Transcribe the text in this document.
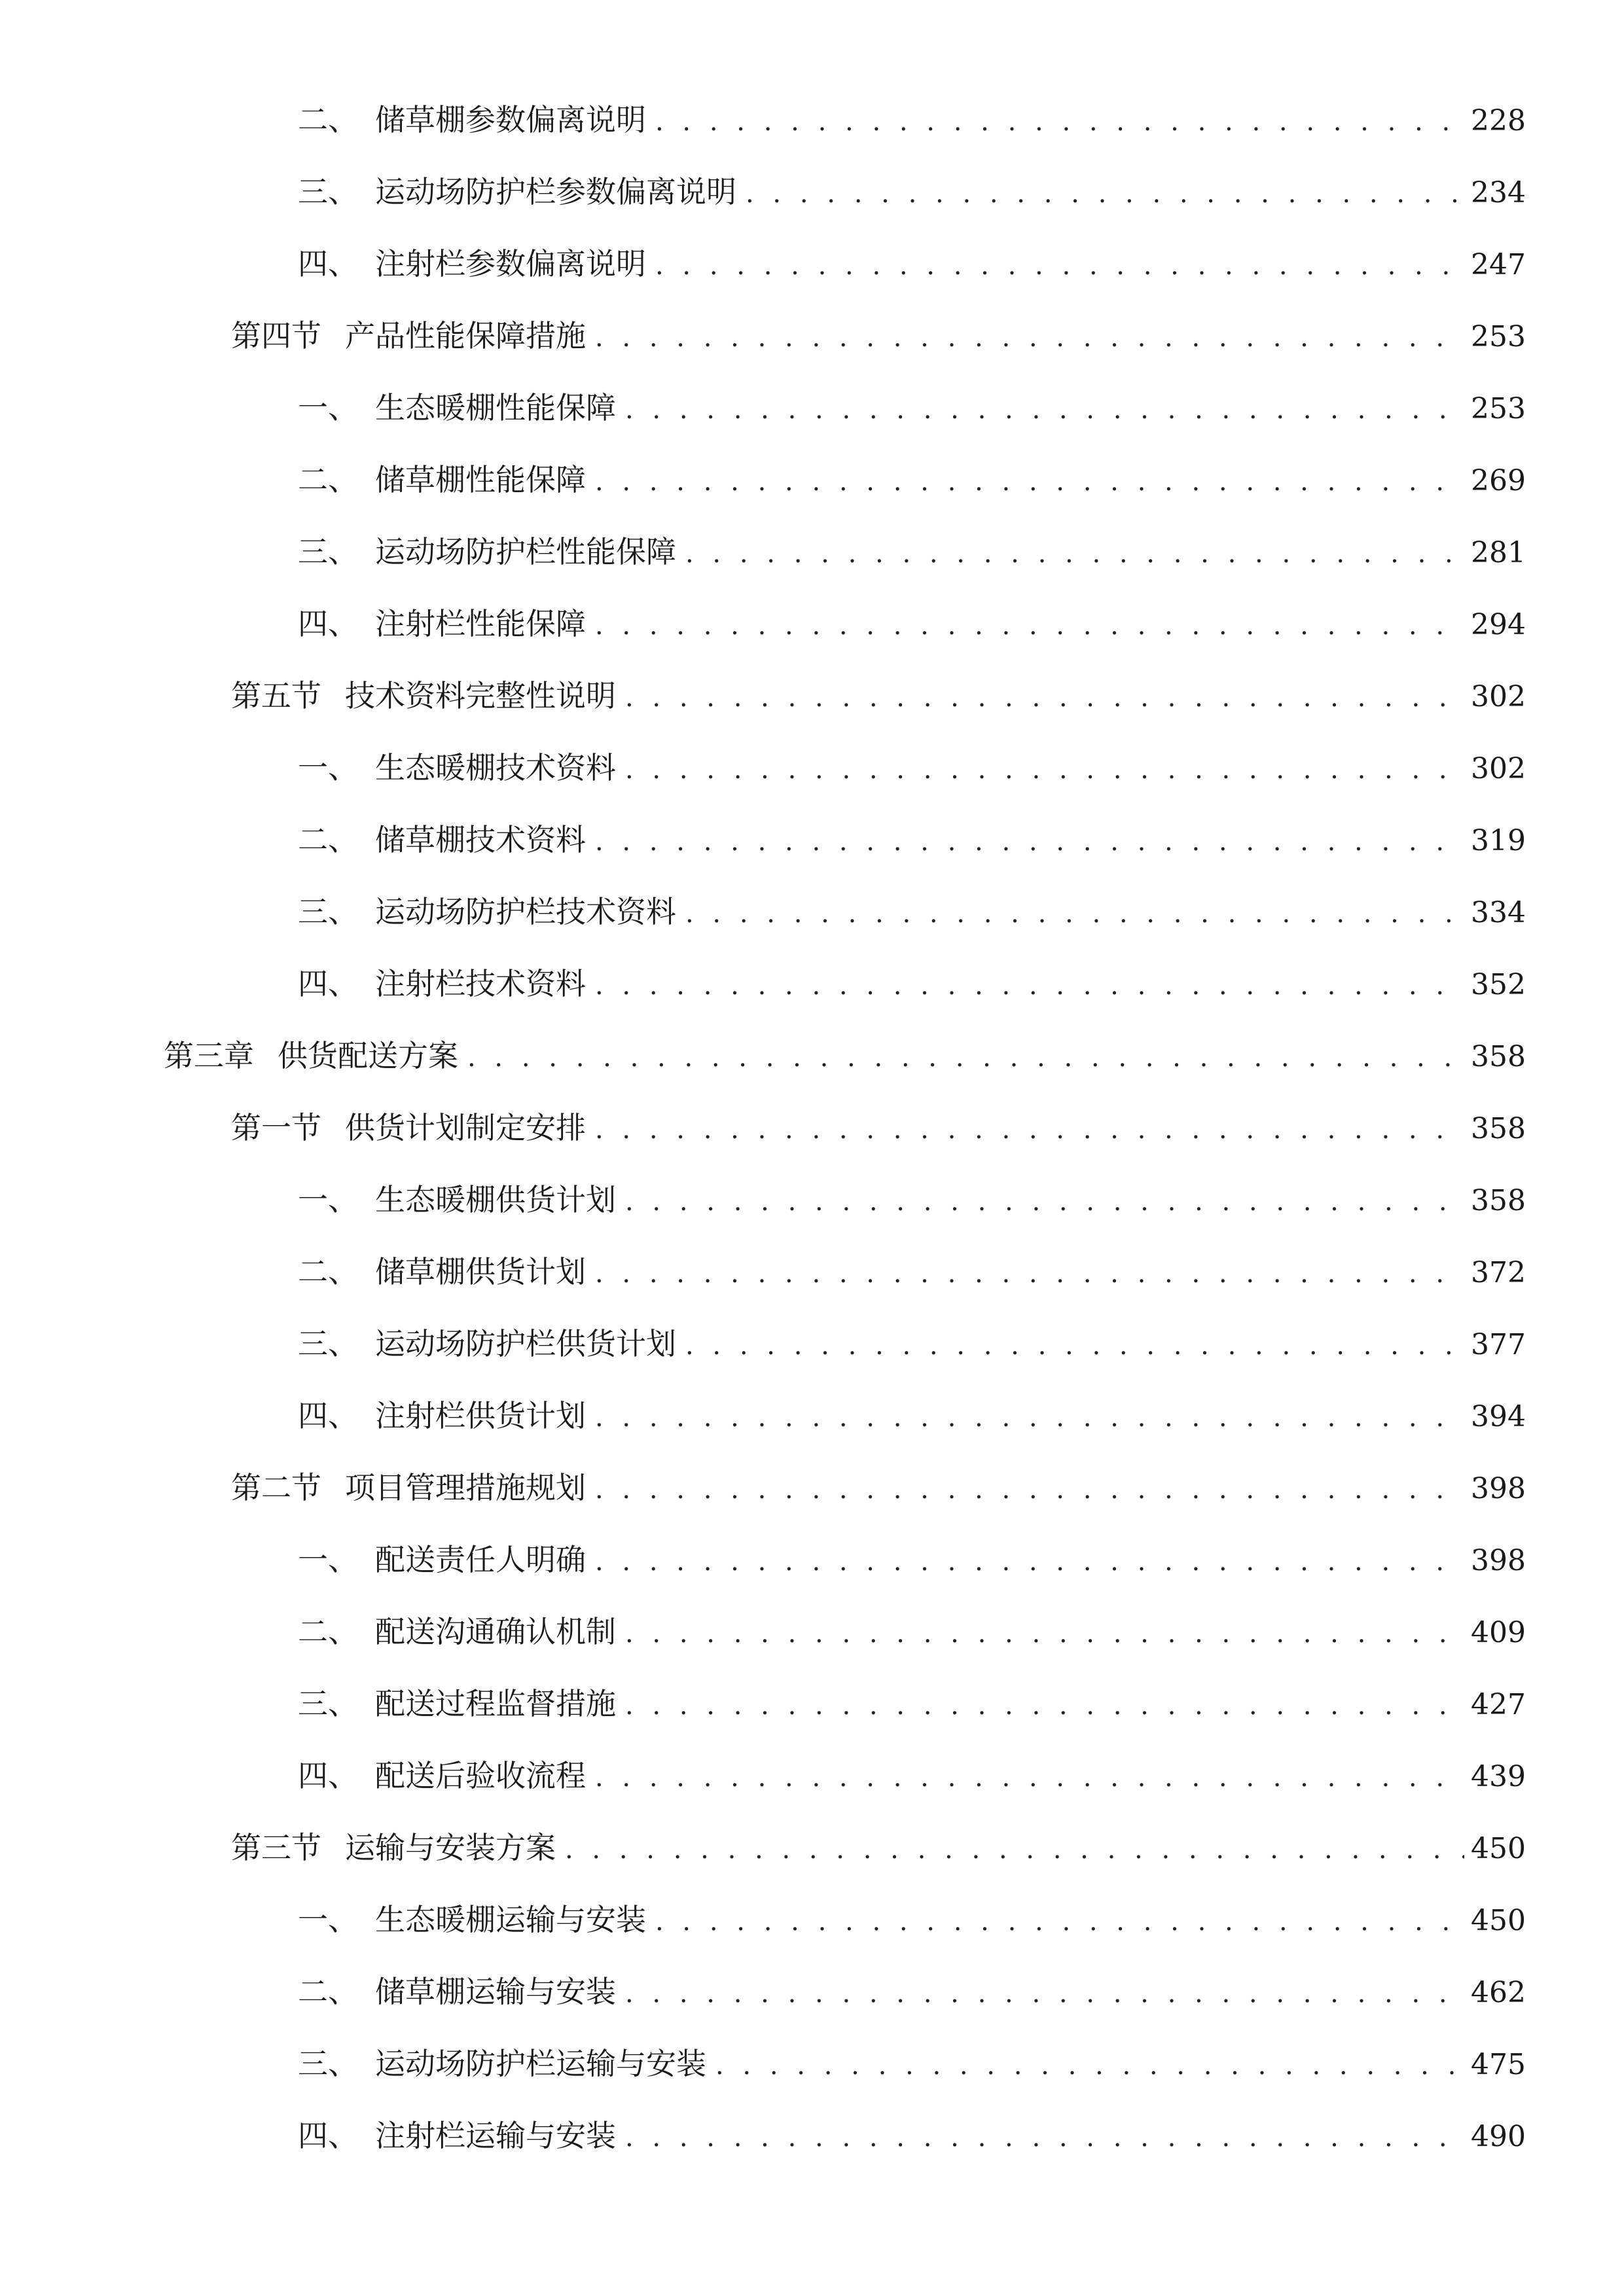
二、 储草棚参数偏离说明 . . .	228
三、 运动场防护栏参数偏离说明 . . .	234
四、 注射栏参数偏离说明 . . .	247
第四节 产品性能保障措施 . . .	253
一、 生态暖棚性能保障 . . .	253
二、 储草棚性能保障 . . .	269
三、 运动场防护栏性能保障 . . .	281
四、 注射栏性能保障 . . .	294
第五节 技术资料完整性说明 . . .	302
一、 生态暖棚技术资料 . . .	302
二、 储草棚技术资料 . . .	319
三、 运动场防护栏技术资料 . . .	334
四、 注射栏技术资料 . . .	352
第三章 供货配送方案 . . .	358
第一节 供货计划制定安排 . . .	358
一、 生态暖棚供货计划 . . .	358
二、 储草棚供货计划 . . .	372
三、 运动场防护栏供货计划 . . .	377
四、 注射栏供货计划 . . .	394
第二节 项目管理措施规划 . . .	398
一、 配送责任人明确 . . .	398
二、 配送沟通确认机制 . . .	409
三、 配送过程监督措施 . . .	427
四、 配送后验收流程 . . .	439
第三节 运输与安装方案 . . .	450
一、 生态暖棚运输与安装 . . .	450
二、 储草棚运输与安装 . . .	462
三、 运动场防护栏运输与安装 . . .	475
四、 注射栏运输与安装 . . .	490
